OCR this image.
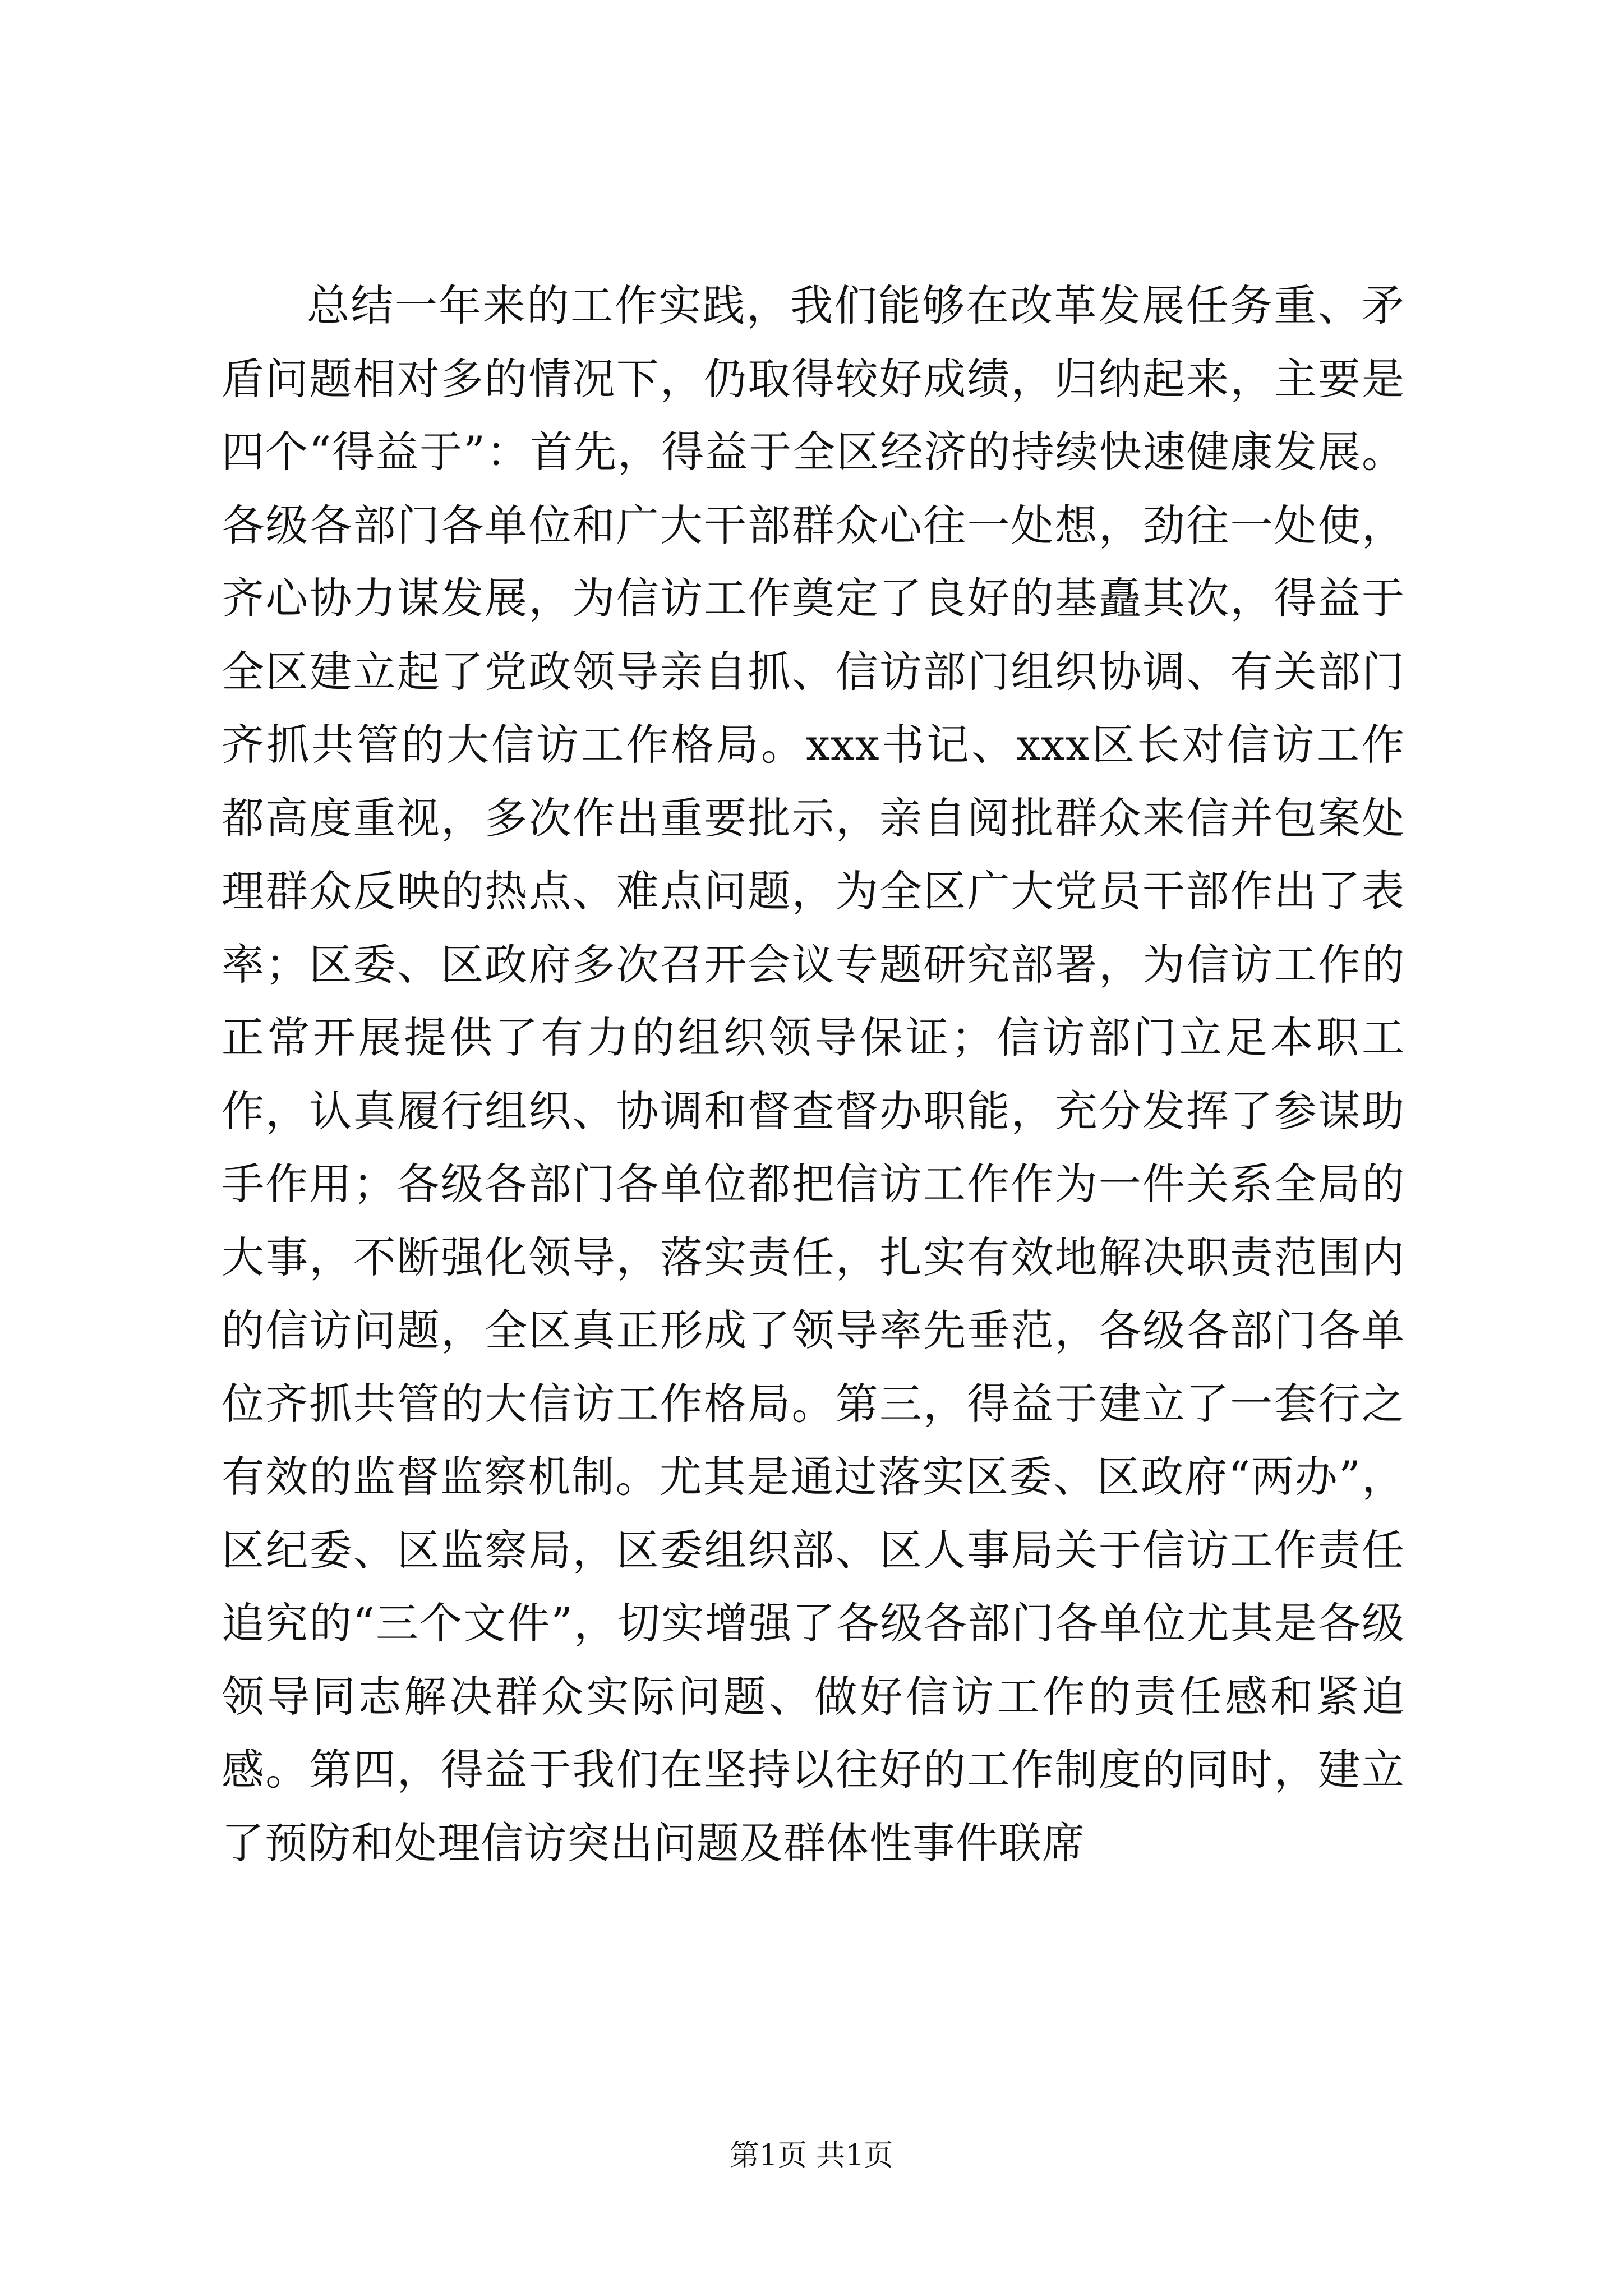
总结一年来的工作实践，我们能够在改革发展任务重、矛盾问题相对多的情况下，仍取得较好成绩，归纳起来，主要是四个“得益于”：首先，得益于全区经济的持续快速健康发展。各级各部门各单位和广大干部群众心往一处想，劲往一处使，齐心协力谋发展，为信访工作奠定了良好的基矗其次，得益于全区建立起了党政领导亲自抓、信访部门组织协调、有关部门齐抓共管的大信访工作格局。xxx书记、xxx区长对信访工作都高度重视，多次作出重要批示，亲自阅批群众来信并包案处理群众反映的热点、难点问题，为全区广大党员干部作出了表率；区委、区政府多次召开会议专题研究部署，为信访工作的正常开展提供了有力的组织领导保证；信访部门立足本职工作，认真履行组织、协调和督查督办职能，充分发挥了参谋助手作用；各级各部门各单位都把信访工作作为一件关系全局的大事，不断强化领导，落实责任，扎实有效地解决职责范围内的信访问题，全区真正形成了领导率先垂范，各级各部门各单位齐抓共管的大信访工作格局。第三，得益于建立了一套行之有效的监督监察机制。尤其是通过落实区委、区政府“两办”，区纪委、区监察局，区委组织部、区人事局关于信访工作责任追究的“三个文件”，切实增强了各级各部门各单位尤其是各级领导同志解决群众实际问题、做好信访工作的责任感和紧迫感。第四，得益于我们在坚持以往好的工作制度的同时，建立了预防和处理信访突出问题及群体性事件联席

第1页 共1页
